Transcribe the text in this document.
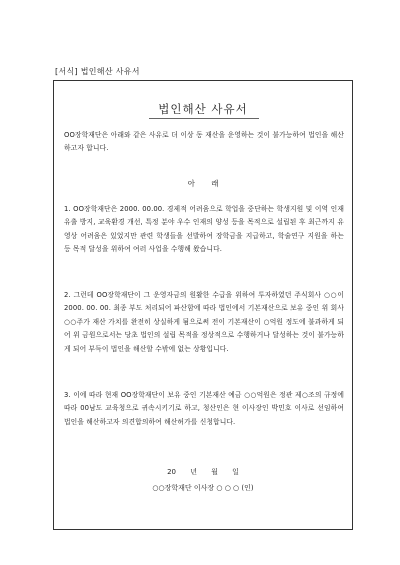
[서식] 법인해산 사유서
법인해산 사유서
OO장학재단은 아래와 같은 사유로 더 이상 동 재산을 운영하는 것이 불가능하여 법인을 해산하고자 합니다.
아 래
1. OO장학재단은 2000. 00.00. 경제적 어려움으로 학업을 중단하는 학생지원 및 이역 인재유출 방지, 교육환경 개선, 특정 분야 우수 인재의 양성 등을 목적으로 설립된 후 최근까지 유영상 어려움은 있었지만 관련 학생들을 선발하여 장학금을 지급하고, 학술연구 지원을 하는 등 목적 달성을 위하여 여러 사업을 수행해 왔습니다.
2. 그런데 OO장학재단이 그 운영자금의 원활한 수급을 위하여 투자하였던 주식회사 ○○이 2000. 00. 00. 최종 부도 처리되어 파산함에 따라 법인에서 기본재산으로 보유 중인 위 회사 ○○주가 재산 가치를 완전히 상실하게 됨으로써 전이 기본재산이 ○억원 정도에 불과하게 되어 위 금원으로서는 당초 법인의 설립 목적을 정상적으로 수행하거나 달성하는 것이 불가능하게 되어 부득이 법인을 해산할 수밖에 없는 상황입니다.
3. 이에 따라 현재 OO장학재단이 보유 중인 기본재산 예금 ○○억원은 정관 제○조의 규정에 따라 00남도 교육청으로 귀속시키기로 하고, 청산인은 현 이사장인 박민호 이사로 선임하여 법인을 해산하고자 의견합의하여 해산허가를 신청합니다.
20 년 월 일
○○장학재단 이사장 ○ ○ ○ (인)
